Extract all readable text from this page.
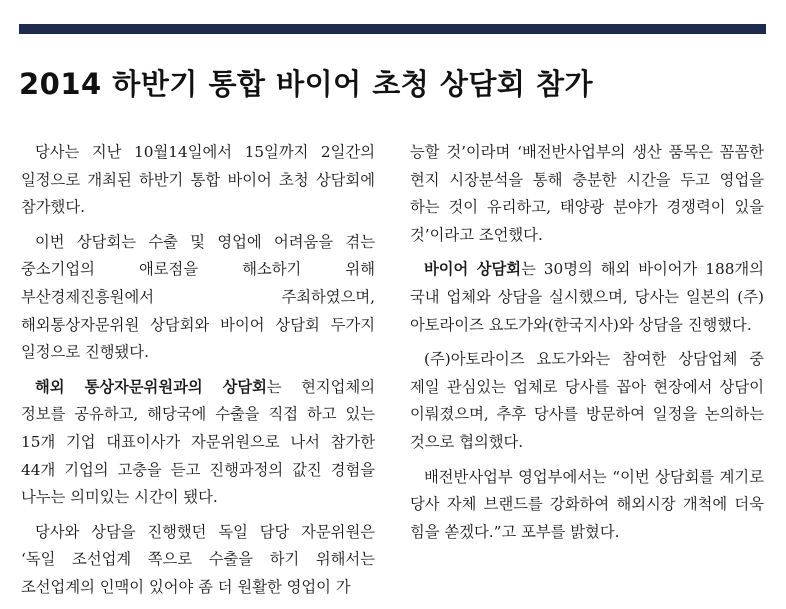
2014 하반기 통합 바이어 초청 상담회 참가

당사는 지난 10월14일에서 15일까지 2일간의 일정으로 개최된 하반기 통합 바이어 초청 상담회에 참가했다.

이번 상담회는 수출 및 영업에 어려움을 겪는 중소기업의 애로점을 해소하기 위해 부산경제진흥원에서 주최하였으며, 해외통상자문위원 상담회와 바이어 상담회 두가지 일정으로 진행됐다.

해외 통상자문위원과의 상담회는 현지업체의 정보를 공유하고, 해당국에 수출을 직접 하고 있는 15개 기업 대표이사가 자문위원으로 나서 참가한 44개 기업의 고충을 듣고 진행과정의 값진 경험을 나누는 의미있는 시간이 됐다.

당사와 상담을 진행했던 독일 담당 자문위원은 ‘독일 조선업계 쪽으로 수출을 하기 위해서는 조선업계의 인맥이 있어야 좀 더 원활한 영업이 가

능할 것’이라며 ‘배전반사업부의 생산 품목은 꼼꼼한 현지 시장분석을 통해 충분한 시간을 두고 영업을 하는 것이 유리하고, 태양광 분야가 경쟁력이 있을 것’이라고 조언했다.

바이어 상담회는 30명의 해외 바이어가 188개의 국내 업체와 상담을 실시했으며, 당사는 일본의 (주)아토라이즈 요도가와(한국지사)와 상담을 진행했다.

(주)아토라이즈 요도가와는 참여한 상담업체 중 제일 관심있는 업체로 당사를 꼽아 현장에서 상담이 이뤄졌으며, 추후 당사를 방문하여 일정을 논의하는 것으로 협의했다.

배전반사업부 영업부에서는 “이번 상담회를 계기로 당사 자체 브랜드를 강화하여 해외시장 개척에 더욱 힘을 쏟겠다.”고 포부를 밝혔다.
